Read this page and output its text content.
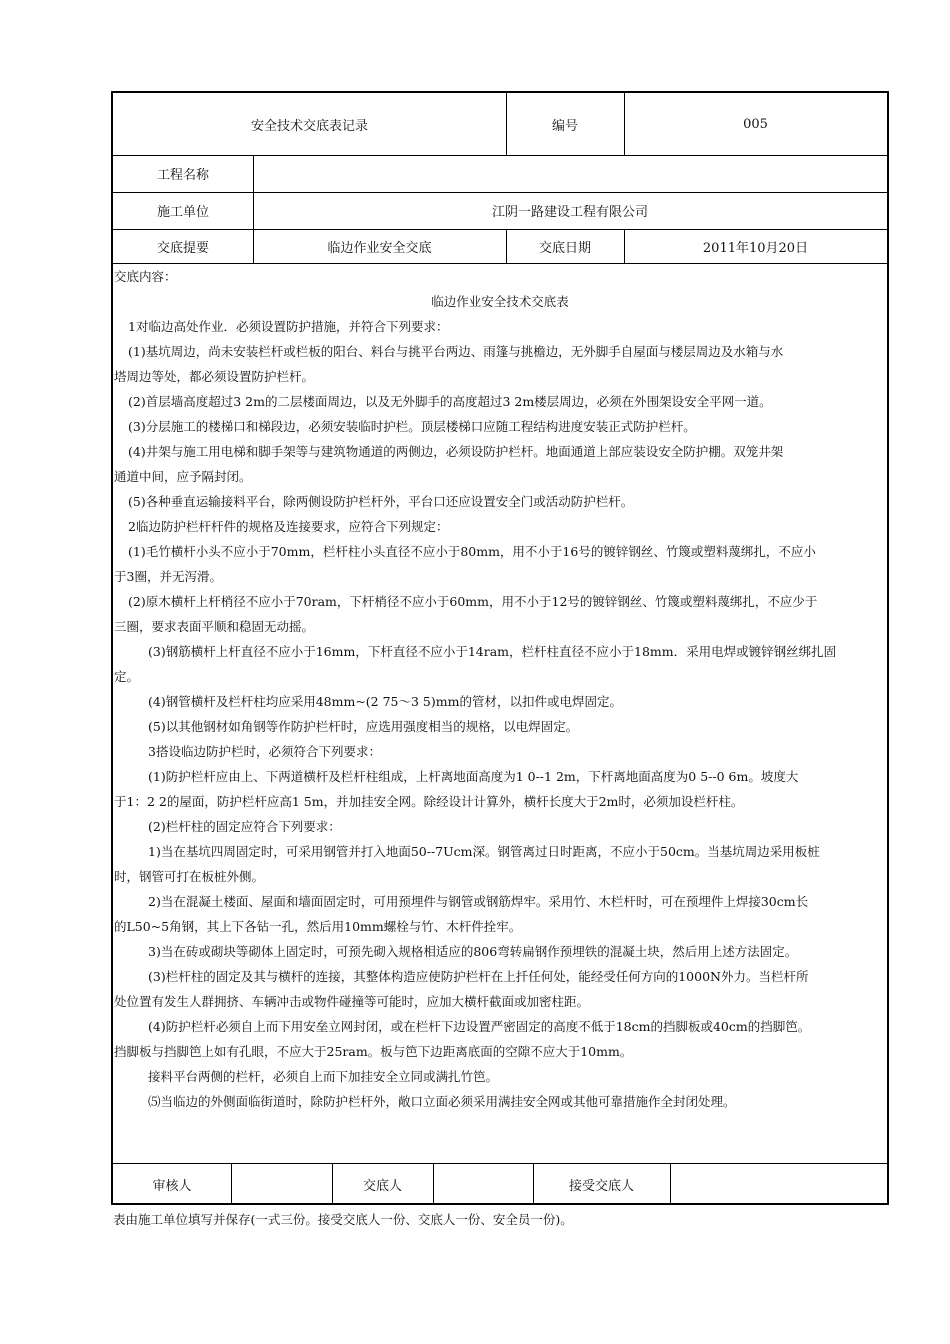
安全技术交底表记录	编号	005
工程名称
施工单位	江阴一路建设工程有限公司
交底提要	临边作业安全交底	交底日期	2011年10月20日

交底内容：

临边作业安全技术交底表

1对临边高处作业．必须设置防护措施，并符合下列要求：

(1)基坑周边，尚未安装栏杆或栏板的阳台、料台与挑平台两边、雨篷与挑檐边，无外脚手自屋面与楼层周边及水箱与水

塔周边等处，都必须设置防护栏杆。

(2)首层墙高度超过3 2m的二层楼面周边，以及无外脚手的高度超过3 2m楼层周边，必须在外围架设安全平网一道。

(3)分层施工的楼梯口和梯段边，必须安装临时护栏。顶层楼梯口应随工程结构进度安装正式防护栏杆。

(4)井架与施工用电梯和脚手架等与建筑物通道的两侧边，必须设防护栏杆。地面通道上部应装设安全防护棚。双笼井架

通道中间，应予隔封闭。

(5)各种垂直运输接料平台，除两侧设防护栏杆外，平台口还应设置安全门或活动防护栏杆。

2临边防护栏杆杆件的规格及连接要求，应符合下列规定：

(1)毛竹横杆小头不应小于70mm，栏杆柱小头直径不应小于80mm，用不小于16号的镀锌钢丝、竹篾或塑料蔑绑扎，不应小

于3圈，并无泻滑。

(2)原木横杆上杆梢径不应小于70ram，下杆梢径不应小于60mm，用不小于12号的镀锌钢丝、竹篾或塑料蔑绑扎，不应少于

三圈，要求表面平顺和稳固无动摇。

(3)钢筋横杆上杆直径不应小于16mm，下杆直径不应小于14ram，栏杆柱直径不应小于18mm．采用电焊或镀锌钢丝绑扎固

定。

(4)钢管横杆及栏杆柱均应采用48mm~(2 75～3 5)mm的管材，以扣件或电焊固定。

(5)以其他钢材如角钢等作防护栏杆时，应选用强度相当的规格，以电焊固定。

3搭设临边防护栏时，必须符合下列要求：

(1)防护栏杆应由上、下两道横杆及栏杆柱组成，上杆离地面高度为1 0--1 2m，下杆离地面高度为0 5--0 6m。坡度大

于1：2 2的屋面，防护栏杆应高1 5m，并加挂安全网。除经设计计算外，横杆长度大于2m时，必须加设栏杆柱。

(2)栏杆柱的固定应符合下列要求：

1)当在基坑四周固定时，可采用钢管并打入地面50--7Ucm深。钢管离过日时距离，不应小于50cm。当基坑周边采用板桩

时，钢管可打在板桩外侧。

2)当在混凝土楼面、屋面和墙面固定时，可用预埋件与钢管或钢筋焊牢。采用竹、木栏杆时，可在预埋件上焊接30cm长

的L50~5角钢，其上下各钻一孔，然后用10mm螺栓与竹、木杆件拴牢。

3)当在砖或砌块等砌体上固定时，可预先砌入规格相适应的806弯转扁钢作预埋铁的混凝土块，然后用上述方法固定。

(3)栏杆柱的固定及其与横杆的连接，其整体构造应使防护栏杆在上扦任何处，能经受任何方向的1000N外力。当栏杆所

处位置有发生人群拥挤、车辆冲击或物件碰撞等可能时，应加大横杆截面或加密柱距。

(4)防护栏杆必须自上而下用安垒立网封闭，或在栏杆下边设置严密固定的高度不低于18cm的挡脚板或40cm的挡脚笆。

挡脚板与挡脚笆上如有孔眼，不应大于25ram。板与笆下边距离底面的空隙不应大于10mm。

接料平台两侧的栏杆，必须自上而下加挂安全立同或满扎竹笆。

⑸当临边的外侧面临街道时，除防护栏杆外，敞口立面必须采用满挂安全网或其他可靠措施作全封闭处理。

审核人	交底人	接受交底人
表由施工单位填写并保存(一式三份。接受交底人一份、交底人一份、安全员一份)。
